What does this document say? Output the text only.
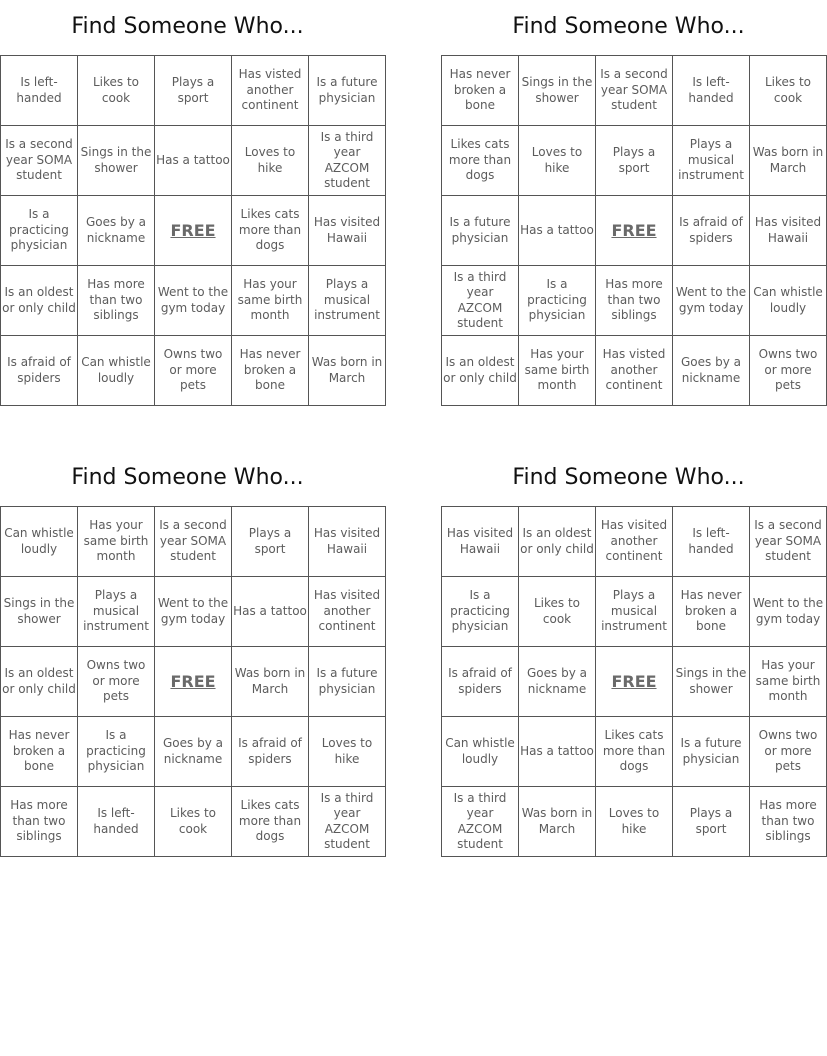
Find Someone Who...
Is left-handed	Likes to cook	Plays a sport	Has visted another continent	Is a future physician
Is a second year SOMA student	Sings in the shower	Has a tattoo	Loves to hike	Is a third year AZCOM student
Is a practicing physician	Goes by a nickname	FREE	Likes cats more than dogs	Has visited Hawaii
Is an oldest or only child	Has more than two siblings	Went to the gym today	Has your same birth month	Plays a musical instrument
Is afraid of spiders	Can whistle loudly	Owns two or more pets	Has never broken a bone	Was born in March
Find Someone Who...
Has never broken a bone	Sings in the shower	Is a second year SOMA student	Is left-handed	Likes to cook
Likes cats more than dogs	Loves to hike	Plays a sport	Plays a musical instrument	Was born in March
Is a future physician	Has a tattoo	FREE	Is afraid of spiders	Has visited Hawaii
Is a third year AZCOM student	Is a practicing physician	Has more than two siblings	Went to the gym today	Can whistle loudly
Is an oldest or only child	Has your same birth month	Has visted another continent	Goes by a nickname	Owns two or more pets
Find Someone Who...
Can whistle loudly	Has your same birth month	Is a second year SOMA student	Plays a sport	Has visited Hawaii
Sings in the shower	Plays a musical instrument	Went to the gym today	Has a tattoo	Has visited another continent
Is an oldest or only child	Owns two or more pets	FREE	Was born in March	Is a future physician
Has never broken a bone	Is a practicing physician	Goes by a nickname	Is afraid of spiders	Loves to hike
Has more than two siblings	Is left-handed	Likes to cook	Likes cats more than dogs	Is a third year AZCOM student
Find Someone Who...
Has visited Hawaii	Is an oldest or only child	Has visited another continent	Is left-handed	Is a second year SOMA student
Is a practicing physician	Likes to cook	Plays a musical instrument	Has never broken a bone	Went to the gym today
Is afraid of spiders	Goes by a nickname	FREE	Sings in the shower	Has your same birth month
Can whistle loudly	Has a tattoo	Likes cats more than dogs	Is a future physician	Owns two or more pets
Is a third year AZCOM student	Was born in March	Loves to hike	Plays a sport	Has more than two siblings
